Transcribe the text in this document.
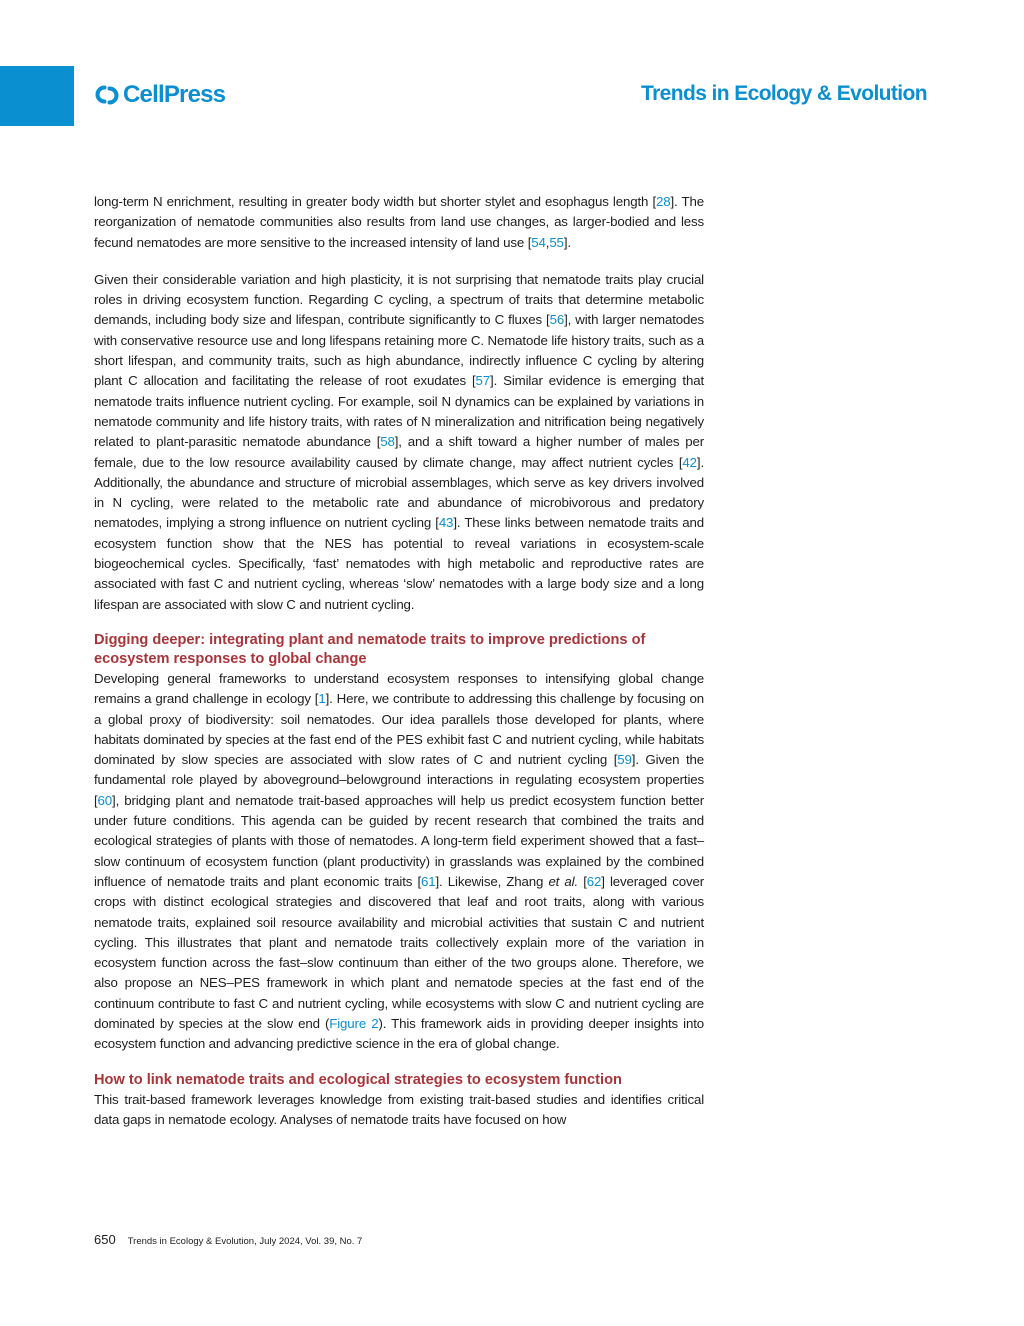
CellPress	Trends in Ecology & Evolution

long-term N enrichment, resulting in greater body width but shorter stylet and esophagus length [28]. The reorganization of nematode communities also results from land use changes, as larger-bodied and less fecund nematodes are more sensitive to the increased intensity of land use [54,55].

Given their considerable variation and high plasticity, it is not surprising that nematode traits play crucial roles in driving ecosystem function. Regarding C cycling, a spectrum of traits that determine metabolic demands, including body size and lifespan, contribute significantly to C fluxes [56], with larger nematodes with conservative resource use and long lifespans retaining more C. Nematode life history traits, such as a short lifespan, and community traits, such as high abundance, indirectly influence C cycling by altering plant C allocation and facilitating the release of root exudates [57]. Similar evidence is emerging that nematode traits influence nutrient cycling. For example, soil N dynamics can be explained by variations in nematode community and life history traits, with rates of N mineralization and nitrification being negatively related to plant-parasitic nematode abundance [58], and a shift toward a higher number of males per female, due to the low resource availability caused by climate change, may affect nutrient cycles [42]. Additionally, the abundance and structure of microbial assemblages, which serve as key drivers involved in N cycling, were related to the metabolic rate and abundance of microbivorous and predatory nematodes, implying a strong influence on nutrient cycling [43]. These links between nematode traits and ecosystem function show that the NES has potential to reveal variations in ecosystem-scale biogeochemical cycles. Specifically, ‘fast’ nematodes with high metabolic and reproductive rates are associated with fast C and nutrient cycling, whereas ‘slow’ nematodes with a large body size and a long lifespan are associated with slow C and nutrient cycling.

Digging deeper: integrating plant and nematode traits to improve predictions of ecosystem responses to global change

Developing general frameworks to understand ecosystem responses to intensifying global change remains a grand challenge in ecology [1]. Here, we contribute to addressing this challenge by focusing on a global proxy of biodiversity: soil nematodes. Our idea parallels those developed for plants, where habitats dominated by species at the fast end of the PES exhibit fast C and nutrient cycling, while habitats dominated by slow species are associated with slow rates of C and nutrient cycling [59]. Given the fundamental role played by aboveground–belowground interactions in regulating ecosystem properties [60], bridging plant and nematode trait-based approaches will help us predict ecosystem function better under future conditions. This agenda can be guided by recent research that combined the traits and ecological strategies of plants with those of nematodes. A long-term field experiment showed that a fast–slow continuum of ecosystem function (plant productivity) in grasslands was explained by the combined influence of nematode traits and plant economic traits [61]. Likewise, Zhang et al. [62] leveraged cover crops with distinct ecological strategies and discovered that leaf and root traits, along with various nematode traits, explained soil resource availability and microbial activities that sustain C and nutrient cycling. This illustrates that plant and nematode traits collectively explain more of the variation in ecosystem function across the fast–slow continuum than either of the two groups alone. Therefore, we also propose an NES–PES framework in which plant and nematode species at the fast end of the continuum contribute to fast C and nutrient cycling, while ecosystems with slow C and nutrient cycling are dominated by species at the slow end (Figure 2). This framework aids in providing deeper insights into ecosystem function and advancing predictive science in the era of global change.

How to link nematode traits and ecological strategies to ecosystem function

This trait-based framework leverages knowledge from existing trait-based studies and identifies critical data gaps in nematode ecology. Analyses of nematode traits have focused on how

650 Trends in Ecology & Evolution, July 2024, Vol. 39, No. 7
